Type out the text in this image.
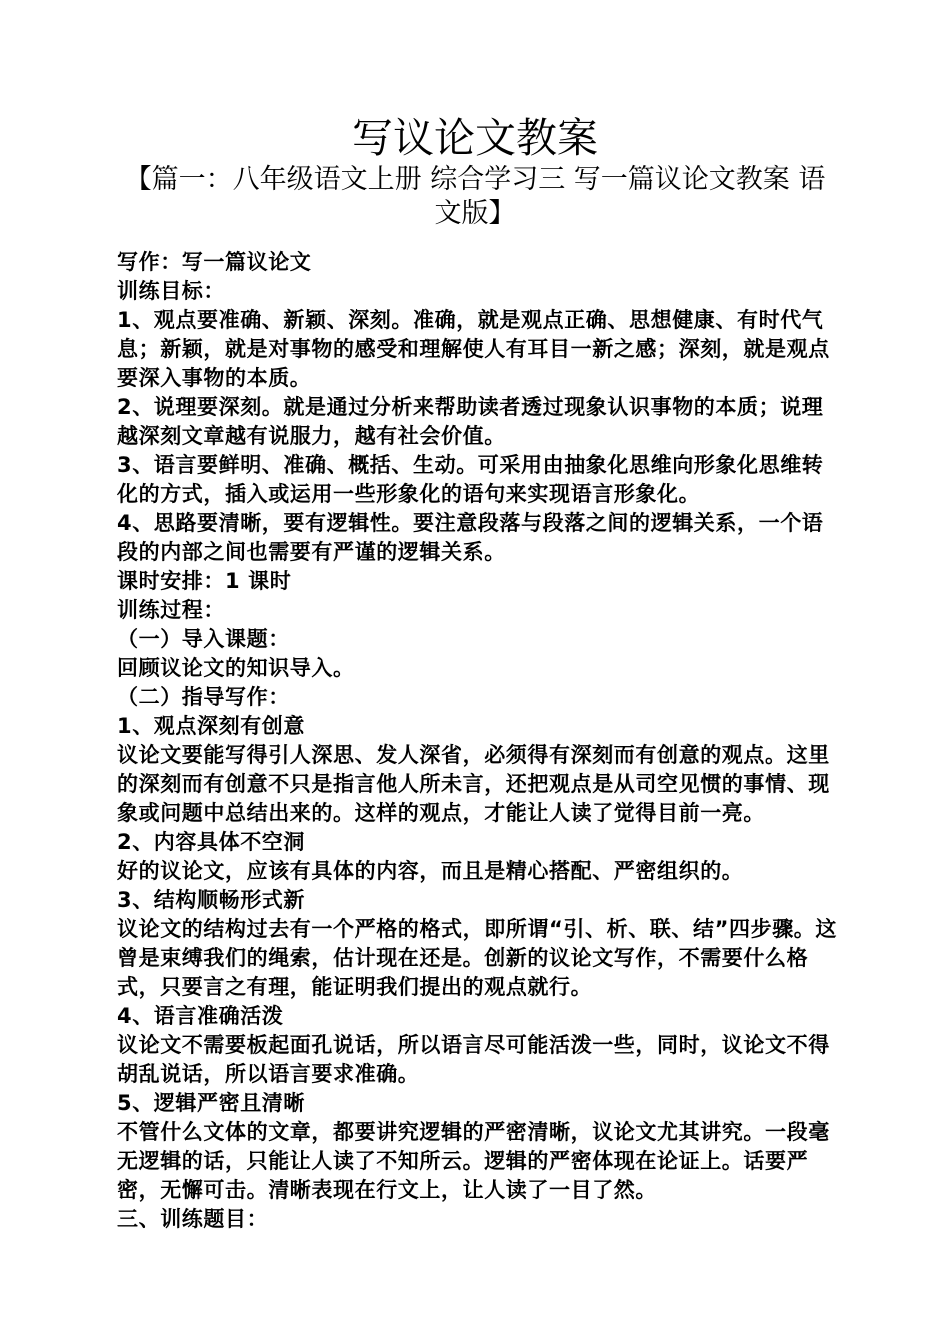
写议论文教案
【篇一：八年级语文上册 综合学习三 写一篇议论文教案 语文版】

写作：写一篇议论文

训练目标：

1、观点要准确、新颖、深刻。准确，就是观点正确、思想健康、有时代气息；新颖，就是对事物的感受和理解使人有耳目一新之感；深刻，就是观点要深入事物的本质。

2、说理要深刻。就是通过分析来帮助读者透过现象认识事物的本质；说理越深刻文章越有说服力，越有社会价值。

3、语言要鲜明、准确、概括、生动。可采用由抽象化思维向形象化思维转化的方式，插入或运用一些形象化的语句来实现语言形象化。

4、思路要清晰，要有逻辑性。要注意段落与段落之间的逻辑关系，一个语段的内部之间也需要有严谨的逻辑关系。

课时安排：1 课时

训练过程：

（一）导入课题：

回顾议论文的知识导入。

（二）指导写作：

1、观点深刻有创意

议论文要能写得引人深思、发人深省，必须得有深刻而有创意的观点。这里的深刻而有创意不只是指言他人所未言，还把观点是从司空见惯的事情、现象或问题中总结出来的。这样的观点，才能让人读了觉得目前一亮。

2、内容具体不空洞

好的议论文，应该有具体的内容，而且是精心搭配、严密组织的。

3、结构顺畅形式新

议论文的结构过去有一个严格的格式，即所谓“引、析、联、结”四步骤。这曾是束缚我们的绳索，估计现在还是。创新的议论文写作，不需要什么格式，只要言之有理，能证明我们提出的观点就行。

4、语言准确活泼

议论文不需要板起面孔说话，所以语言尽可能活泼一些，同时，议论文不得胡乱说话，所以语言要求准确。

5、逻辑严密且清晰

不管什么文体的文章，都要讲究逻辑的严密清晰，议论文尤其讲究。一段毫无逻辑的话，只能让人读了不知所云。逻辑的严密体现在论证上。话要严密，无懈可击。清晰表现在行文上，让人读了一目了然。

三、训练题目：
